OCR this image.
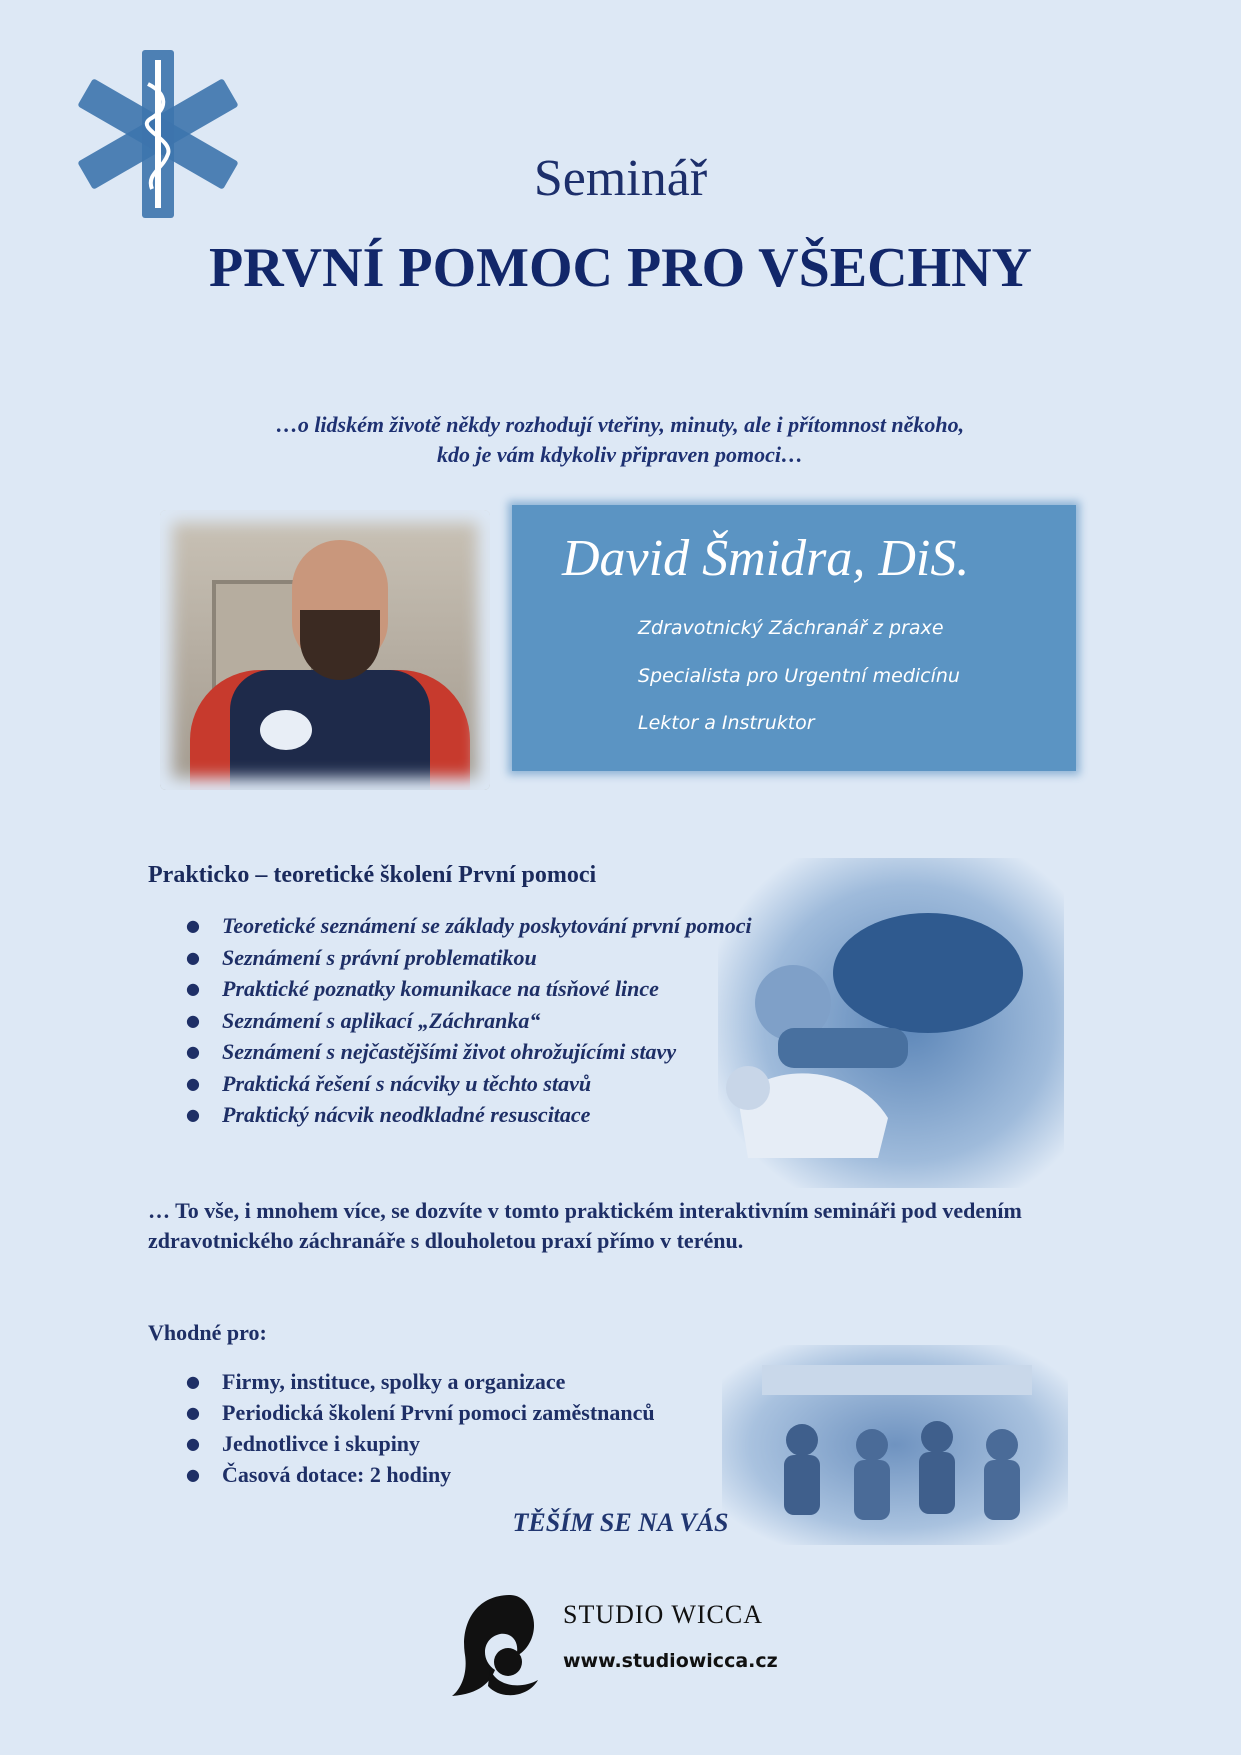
Seminář
PRVNÍ POMOC PRO VŠECHNY
…o lidském životě někdy rozhodují vteřiny, minuty, ale i přítomnost někoho,
kdo je vám kdykoliv připraven pomoci…
David Šmidra, DiS.
Zdravotnický Záchranář z praxe
Specialista pro Urgentní medicínu
Lektor a Instruktor
Prakticko – teoretické školení První pomoci
● Teoretické seznámení se základy poskytování první pomoci
● Seznámení s právní problematikou
● Praktické poznatky komunikace na tísňové lince
● Seznámení s aplikací „Záchranka“
● Seznámení s nejčastějšími život ohrožujícími stavy
● Praktická řešení s nácviky u těchto stavů
● Praktický nácvik neodkladné resuscitace
… To vše, i mnohem více, se dozvíte v tomto praktickém interaktivním semináři pod vedením zdravotnického záchranáře s dlouholetou praxí přímo v terénu.
Vhodné pro:
● Firmy, instituce, spolky a organizace
● Periodická školení První pomoci zaměstnanců
● Jednotlivce i skupiny
● Časová dotace: 2 hodiny
TĚŠÍM SE NA VÁS
STUDIO WICCA
www.studiowicca.cz
